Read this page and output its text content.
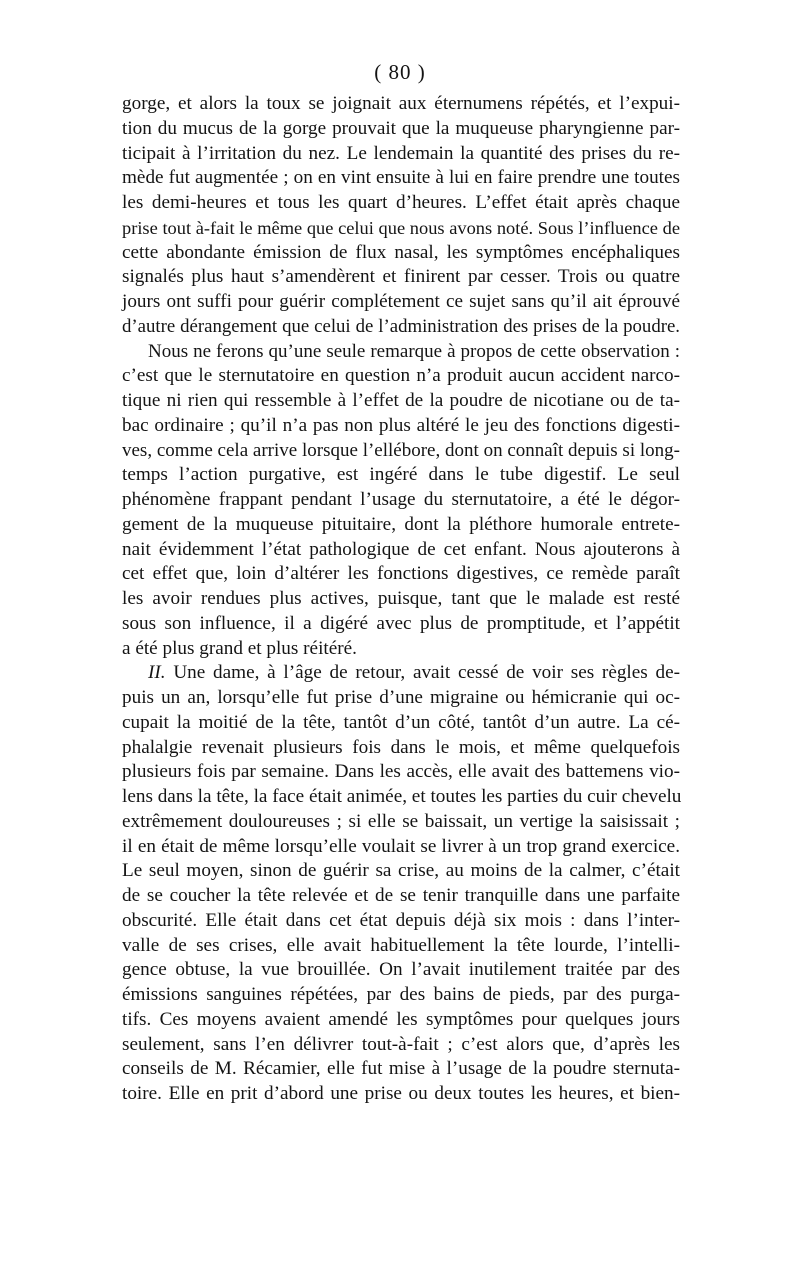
( 80 )
gorge, et alors la toux se joignait aux éternumens répétés, et l’expui-
tion du mucus de la gorge prouvait que la muqueuse pharyngienne par-
ticipait à l’irritation du nez. Le lendemain la quantité des prises du re-
mède fut augmentée ; on en vint ensuite à lui en faire prendre une toutes
les demi-heures et tous les quart d’heures. L’effet était après chaque
prise tout à-fait le même que celui que nous avons noté. Sous l’influence de
cette abondante émission de flux nasal, les symptômes encéphaliques
signalés plus haut s’amendèrent et finirent par cesser. Trois ou quatre
jours ont suffi pour guérir complétement ce sujet sans qu’il ait éprouvé
d’autre dérangement que celui de l’administration des prises de la poudre.
Nous ne ferons qu’une seule remarque à propos de cette observation :
c’est que le sternutatoire en question n’a produit aucun accident narco-
tique ni rien qui ressemble à l’effet de la poudre de nicotiane ou de ta-
bac ordinaire ; qu’il n’a pas non plus altéré le jeu des fonctions digesti-
ves, comme cela arrive lorsque l’ellébore, dont on connaît depuis si long-
temps l’action purgative, est ingéré dans le tube digestif. Le seul
phénomène frappant pendant l’usage du sternutatoire, a été le dégor-
gement de la muqueuse pituitaire, dont la pléthore humorale entrete-
nait évidemment l’état pathologique de cet enfant. Nous ajouterons à
cet effet que, loin d’altérer les fonctions digestives, ce remède paraît
les avoir rendues plus actives, puisque, tant que le malade est resté
sous son influence, il a digéré avec plus de promptitude, et l’appétit
a été plus grand et plus réitéré.
II. Une dame, à l’âge de retour, avait cessé de voir ses règles de-
puis un an, lorsqu’elle fut prise d’une migraine ou hémicranie qui oc-
cupait la moitié de la tête, tantôt d’un côté, tantôt d’un autre. La cé-
phalalgie revenait plusieurs fois dans le mois, et même quelquefois
plusieurs fois par semaine. Dans les accès, elle avait des battemens vio-
lens dans la tête, la face était animée, et toutes les parties du cuir chevelu
extrêmement douloureuses ; si elle se baissait, un vertige la saisissait ;
il en était de même lorsqu’elle voulait se livrer à un trop grand exercice.
Le seul moyen, sinon de guérir sa crise, au moins de la calmer, c’était
de se coucher la tête relevée et de se tenir tranquille dans une parfaite
obscurité. Elle était dans cet état depuis déjà six mois : dans l’inter-
valle de ses crises, elle avait habituellement la tête lourde, l’intelli-
gence obtuse, la vue brouillée. On l’avait inutilement traitée par des
émissions sanguines répétées, par des bains de pieds, par des purga-
tifs. Ces moyens avaient amendé les symptômes pour quelques jours
seulement, sans l’en délivrer tout-à-fait ; c’est alors que, d’après les
conseils de M. Récamier, elle fut mise à l’usage de la poudre sternuta-
toire. Elle en prit d’abord une prise ou deux toutes les heures, et bien-
